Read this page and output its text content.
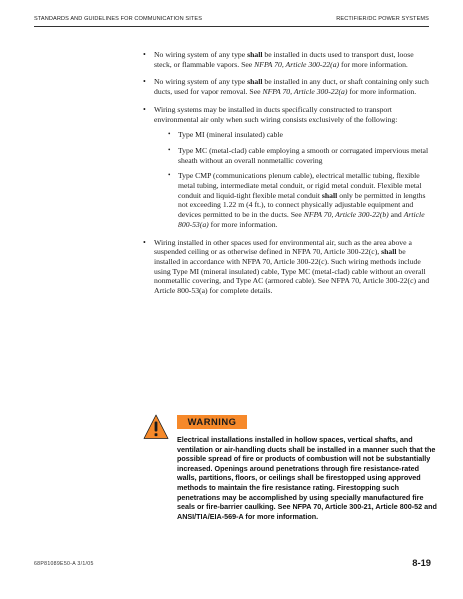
STANDARDS AND GUIDELINES FOR COMMUNICATION SITES	RECTIFIER/DC POWER SYSTEMS
• No wiring system of any type shall be installed in ducts used to transport dust, loose steck, or flammable vapors. See NFPA 70, Article 300-22(a) for more information.
• No wiring system of any type shall be installed in any duct, or shaft containing only such ducts, used for vapor removal. See NFPA 70, Article 300-22(a) for more information.
• Wiring systems may be installed in ducts specifically constructed to transport environmental air only when such wiring consists exclusively of the following:
• Type MI (mineral insulated) cable
• Type MC (metal-clad) cable employing a smooth or corrugated impervious metal sheath without an overall nonmetallic covering
• Type CMP (communications plenum cable), electrical metallic tubing, flexible metal tubing, intermediate metal conduit, or rigid metal conduit. Flexible metal conduit and liquid-tight flexible metal conduit shall only be permitted in lengths not exceeding 1.22 m (4 ft.), to connect physically adjustable equipment and devices permitted to be in the ducts. See NFPA 70, Article 300-22(b) and Article 800-53(a) for more information.
• Wiring installed in other spaces used for environmental air, such as the area above a suspended ceiling or as otherwise defined in NFPA 70, Article 300-22(c), shall be installed in accordance with NFPA 70, Article 300-22(c). Such wiring methods include using Type MI (mineral insulated) cable, Type MC (metal-clad) cable without an overall nonmetallic covering, and Type AC (armored cable). See NFPA 70, Article 300-22(c) and Article 800-53(a) for complete details.
WARNING
Electrical installations installed in hollow spaces, vertical shafts, and ventilation or air-handling ducts shall be installed in a manner such that the possible spread of fire or products of combustion will not be substantially increased. Openings around penetrations through fire resistance-rated walls, partitions, floors, or ceilings shall be firestopped using approved methods to maintain the fire resistance rating. Firestopping such penetrations may be accomplished by using specially manufactured fire seals or fire-barrier caulking. See NFPA 70, Article 300-21, Article 800-52 and ANSI/TIA/EIA-569-A for more information.
68P81089E50-A 3/1/05	8-19
